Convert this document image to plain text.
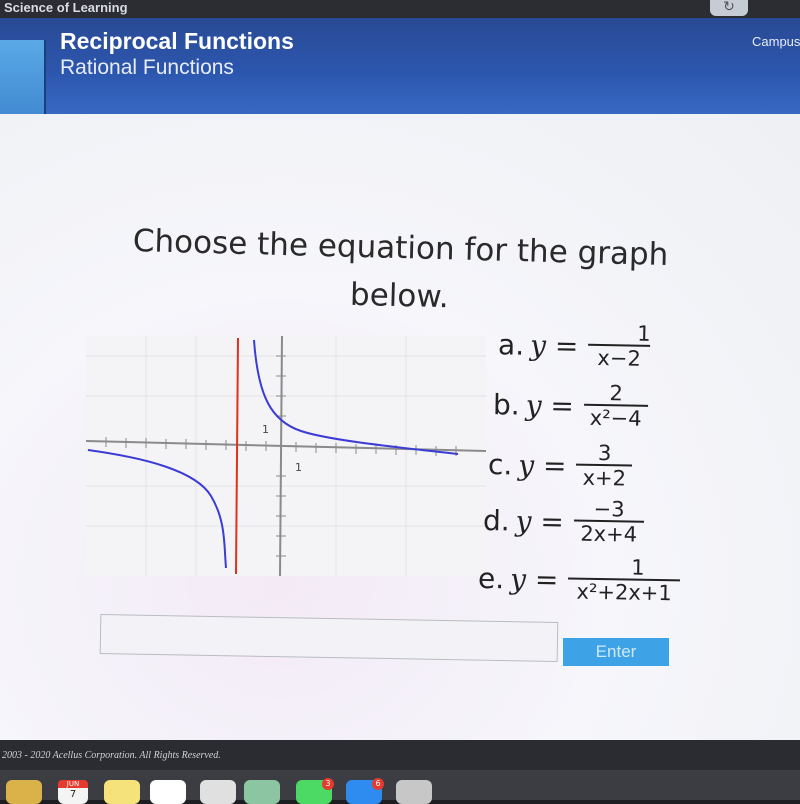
Science of Learning	↻
Reciprocal Functions
Rational Functions
Campus
Choose the equation for the graph
below.
1
1
a. y =	1
x−2
b. $y = \frac{2}{\text{x²−4}}$
c. $y = \frac{3}{x+2}$
d. $y = \frac{-3}{2x+4}$
e. $y = \frac{1}{\text{x²+2x+1}}$
Enter
2003 - 2020 Acellus Corporation. All Rights Reserved.
JUN
7
3	6
